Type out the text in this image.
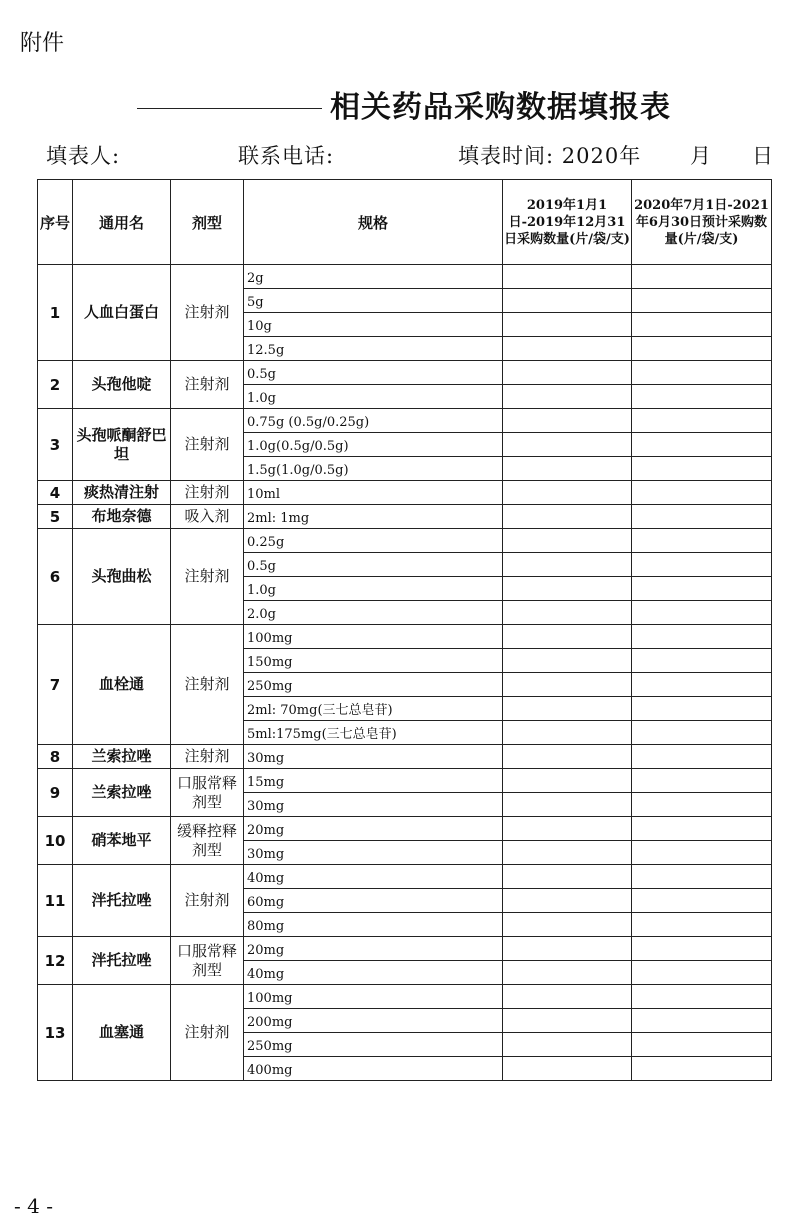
附件
相关药品采购数据填报表
填表人:	联系电话:	填表时间: 2020年 月 日
序号	通用名	剂型	规格	2019年1月1日-2019年12月31日采购数量(片/袋/支)	2020年7月1日-2021年6月30日预计采购数量(片/袋/支)
1	人血白蛋白	注射剂	2g		
			5g		
			10g		
			12.5g		
2	头孢他啶	注射剂	0.5g		
			1.0g		
3	头孢哌酮舒巴坦	注射剂	0.75g (0.5g/0.25g)		
			1.0g(0.5g/0.5g)		
			1.5g(1.0g/0.5g)		
4	痰热清注射	注射剂	10ml		
5	布地奈德	吸入剂	2ml: 1mg		
6	头孢曲松	注射剂	0.25g		
			0.5g		
			1.0g		
			2.0g		
7	血栓通	注射剂	100mg		
			150mg		
			250mg		
			2ml: 70mg(三七总皂苷)		
			5ml:175mg(三七总皂苷)		
8	兰索拉唑	注射剂	30mg		
9	兰索拉唑	口服常释剂型	15mg		
			30mg		
10	硝苯地平	缓释控释剂型	20mg		
			30mg		
11	泮托拉唑	注射剂	40mg		
			60mg		
			80mg		
12	泮托拉唑	口服常释剂型	20mg		
			40mg		
13	血塞通	注射剂	100mg		
			200mg		
			250mg		
			400mg		
- 4 -
